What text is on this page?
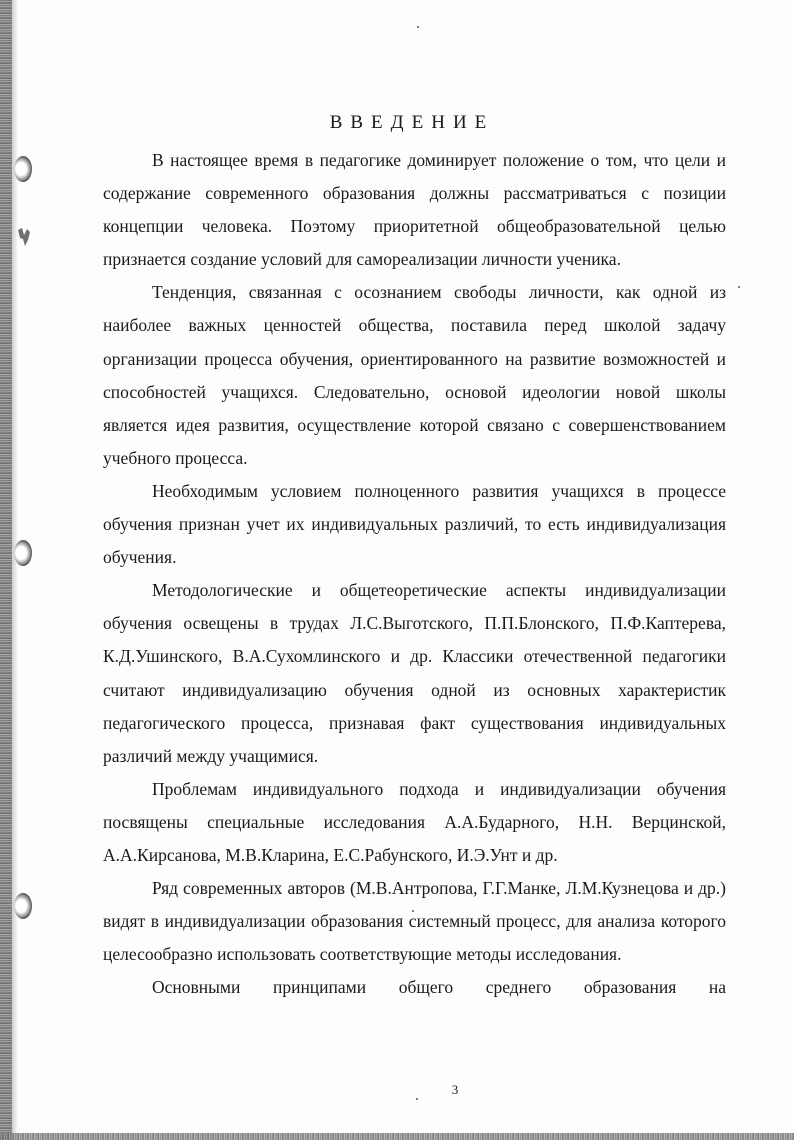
ВВЕДЕНИЕ

В настоящее время в педагогике доминирует положение о том, что цели и содержание современного образования должны рассматриваться с позиции концепции человека. Поэтому приоритетной общеобразовательной целью признается создание условий для самореализации личности ученика.

Тенденция, связанная с осознанием свободы личности, как одной из наиболее важных ценностей общества, поставила перед школой задачу организации процесса обучения, ориентированного на развитие возможностей и способностей учащихся. Следовательно, основой идеологии новой школы является идея развития, осуществление которой связано с совершенствованием учебного процесса.

Необходимым условием полноценного развития учащихся в процессе обучения признан учет их индивидуальных различий, то есть индивидуализация обучения.

Методологические и общетеоретические аспекты индивидуализации обучения освещены в трудах Л.С.Выготского, П.П.Блонского, П.Ф.Каптерева, К.Д.Ушинского, В.А.Сухомлинского и др. Классики отечественной педагогики считают индивидуализацию обучения одной из основных характеристик педагогического процесса, признавая факт существования индивидуальных различий между учащимися.

Проблемам индивидуального подхода и индивидуализации обучения посвящены специальные исследования А.А.Бударного, Н.Н. Верцинской, А.А.Кирсанова, М.В.Кларина, Е.С.Рабунского, И.Э.Унт и др.

Ряд современных авторов (М.В.Антропова, Г.Г.Манке, Л.М.Кузнецова и др.) видят в индивидуализации образования системный процесс, для анализа которого целесообразно использовать соответствующие методы исследования.

Основными принципами общего среднего образования на

3
